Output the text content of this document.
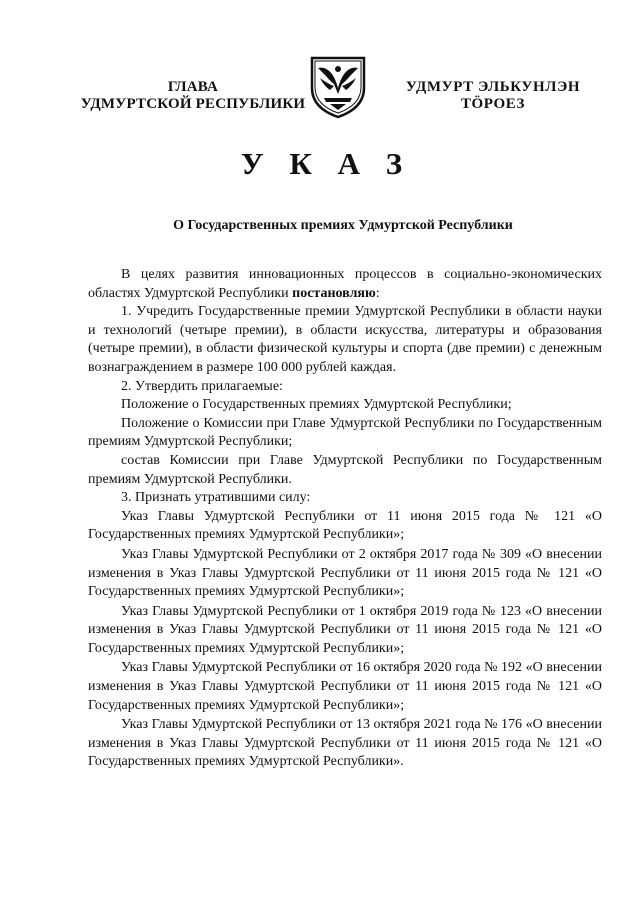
ГЛАВА
УДМУРТСКОЙ РЕСПУБЛИКИ
УДМУРТ ЭЛЬКУНЛЭН
ТӦРОЕЗ
У К А З
О Государственных премиях Удмуртской Республики

В целях развития инновационных процессов в социально-экономических областях Удмуртской Республики постановляю:

1. Учредить Государственные премии Удмуртской Республики в области науки и технологий (четыре премии), в области искусства, литературы и образования (четыре премии), в области физической культуры и спорта (две премии) с денежным вознаграждением в размере 100 000 рублей каждая.

2. Утвердить прилагаемые:

Положение о Государственных премиях Удмуртской Республики;

Положение о Комиссии при Главе Удмуртской Республики по Государственным премиям Удмуртской Республики;

состав Комиссии при Главе Удмуртской Республики по Государственным премиям Удмуртской Республики.

3. Признать утратившими силу:

Указ Главы Удмуртской Республики от 11 июня 2015 года № 121 «О Государственных премиях Удмуртской Республики»;

Указ Главы Удмуртской Республики от 2 октября 2017 года № 309 «О внесении изменения в Указ Главы Удмуртской Республики от 11 июня 2015 года № 121 «О Государственных премиях Удмуртской Республики»;

Указ Главы Удмуртской Республики от 1 октября 2019 года № 123 «О внесении изменения в Указ Главы Удмуртской Республики от 11 июня 2015 года № 121 «О Государственных премиях Удмуртской Республики»;

Указ Главы Удмуртской Республики от 16 октября 2020 года № 192 «О внесении изменения в Указ Главы Удмуртской Республики от 11 июня 2015 года № 121 «О Государственных премиях Удмуртской Республики»;

Указ Главы Удмуртской Республики от 13 октября 2021 года № 176 «О внесении изменения в Указ Главы Удмуртской Республики от 11 июня 2015 года № 121 «О Государственных премиях Удмуртской Республики».
